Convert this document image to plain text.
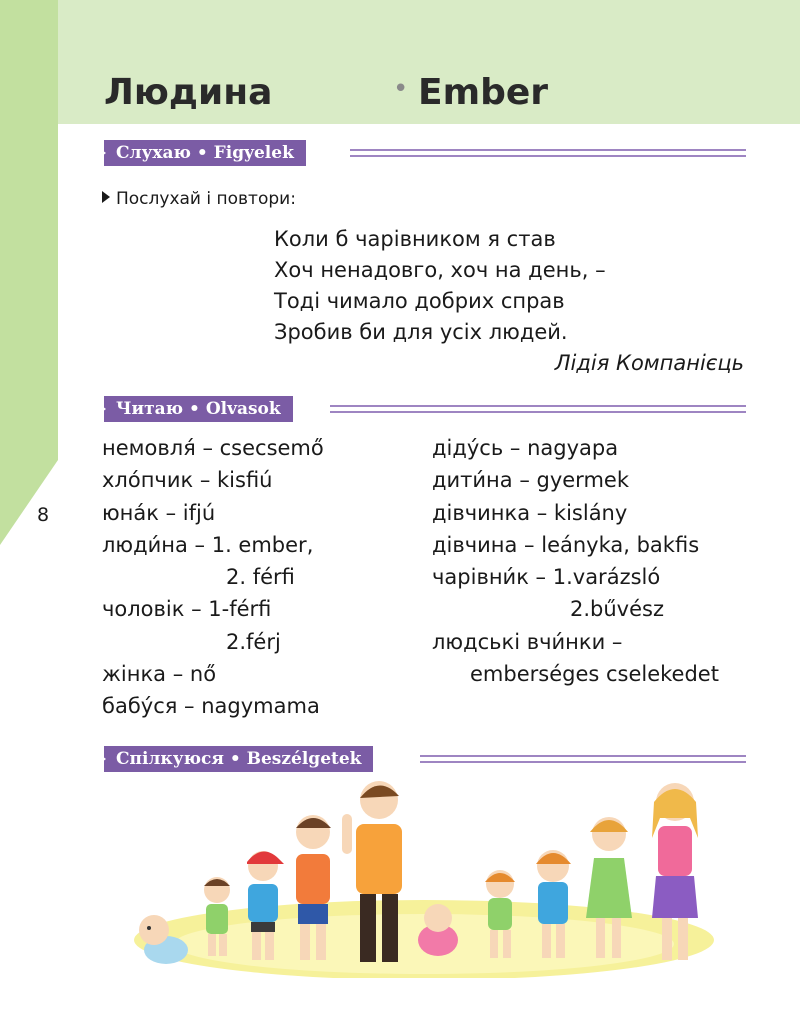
Людина	• Ember
8
Слухаю • Figyelek
Послухай і повтори:
Коли б чарівником я став
Хоч ненадовго, хоч на день, –
Тоді чимало добрих справ
Зробив би для усіх людей.
Лідія Компанієць
Читаю • Olvasok
немовля́ – csecsemő
хло́пчик – kisfiú
юна́к – ifjú
люди́на – 1. ember,
2. férfi
чоловік – 1-férfi
2.férj
жінка – nő
бабу́ся – nagymama
діду́сь – nagyapa
дити́на – gyermek
дівчинка – kislány
дівчина – leányka, bakfis
чарівни́к – 1.varázsló
2.bűvész
людські вчи́нки –
emberséges cselekedet
Спілкуюся • Beszélgetek
